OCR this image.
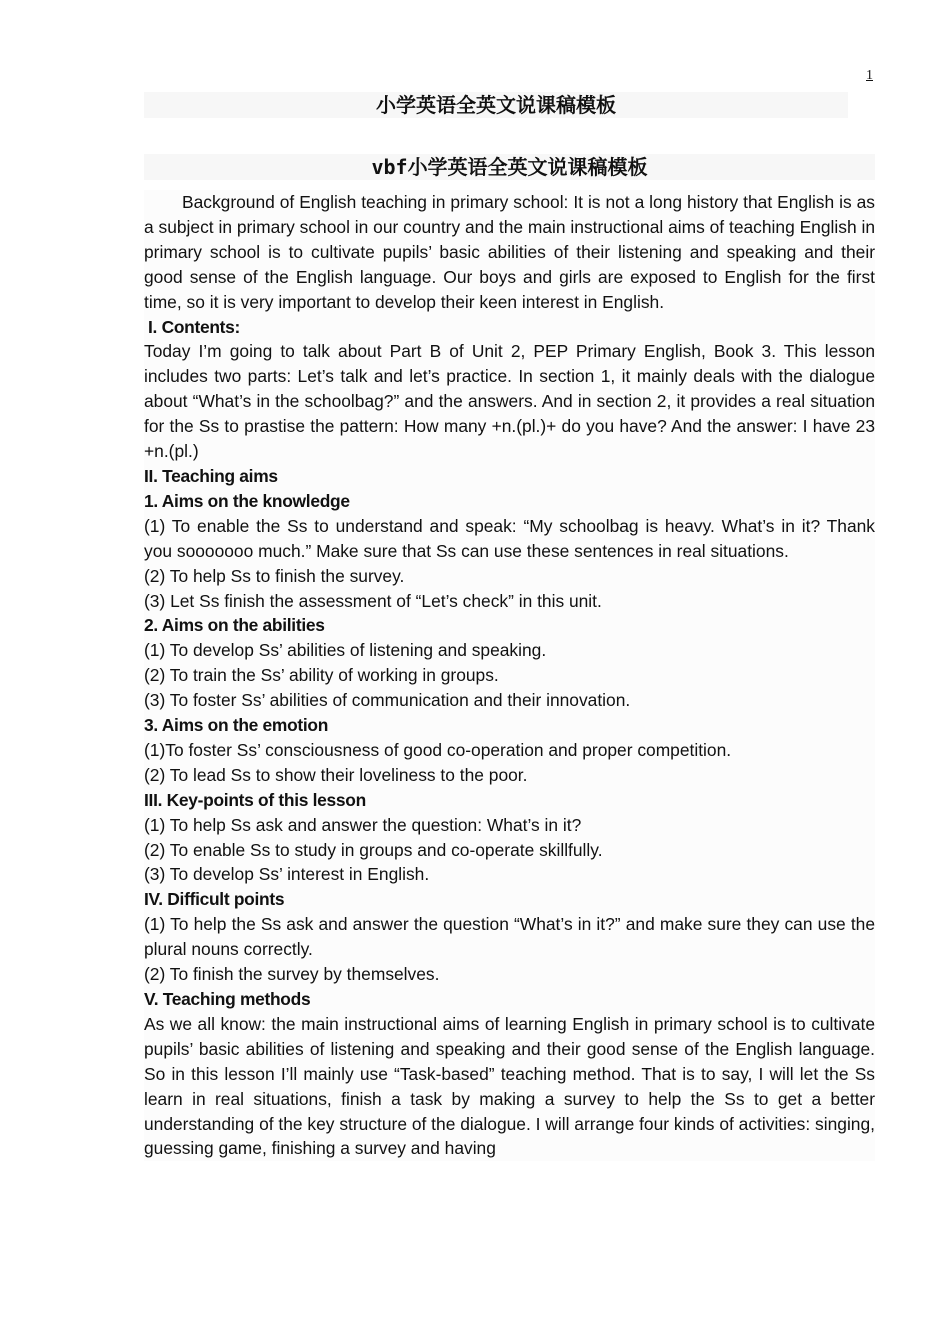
1
小学英语全英文说课稿模板
vbf小学英语全英文说课稿模板

Background of English teaching in primary school: It is not a long history that English is as a subject in primary school in our country and the main instructional aims of teaching English in primary school is to cultivate pupils’ basic abilities of their listening and speaking and their good sense of the English language. Our boys and girls are exposed to English for the first time, so it is very important to develop their keen interest in English.

I. Contents:

Today I’m going to talk about Part B of Unit 2, PEP Primary English, Book 3. This lesson includes two parts: Let’s talk and let’s practice. In section 1, it mainly deals with the dialogue about “What’s in the schoolbag?” and the answers. And in section 2, it provides a real situation for the Ss to prastise the pattern: How many +n.(pl.)+ do you have? And the answer: I have 23 +n.(pl.)

II. Teaching aims

1. Aims on the knowledge

(1) To enable the Ss to understand and speak: “My schoolbag is heavy. What’s in it? Thank you sooooooo much.” Make sure that Ss can use these sentences in real situations.

(2) To help Ss to finish the survey.

(3) Let Ss finish the assessment of “Let’s check” in this unit.

2. Aims on the abilities

(1) To develop Ss’ abilities of listening and speaking.

(2) To train the Ss’ ability of working in groups.

(3) To foster Ss’ abilities of communication and their innovation.

3. Aims on the emotion

(1)To foster Ss’ consciousness of good co-operation and proper competition.

(2) To lead Ss to show their loveliness to the poor.

III. Key-points of this lesson

(1) To help Ss ask and answer the question: What’s in it?

(2) To enable Ss to study in groups and co-operate skillfully.

(3) To develop Ss’ interest in English.

IV. Difficult points

(1) To help the Ss ask and answer the question “What’s in it?” and make sure they can use the plural nouns correctly.

(2) To finish the survey by themselves.

V. Teaching methods

As we all know: the main instructional aims of learning English in primary school is to cultivate pupils’ basic abilities of listening and speaking and their good sense of the English language. So in this lesson I’ll mainly use “Task-based” teaching method. That is to say, I will let the Ss learn in real situations, finish a task by making a survey to help the Ss to get a better understanding of the key structure of the dialogue. I will arrange four kinds of activities: singing, guessing game, finishing a survey and having
